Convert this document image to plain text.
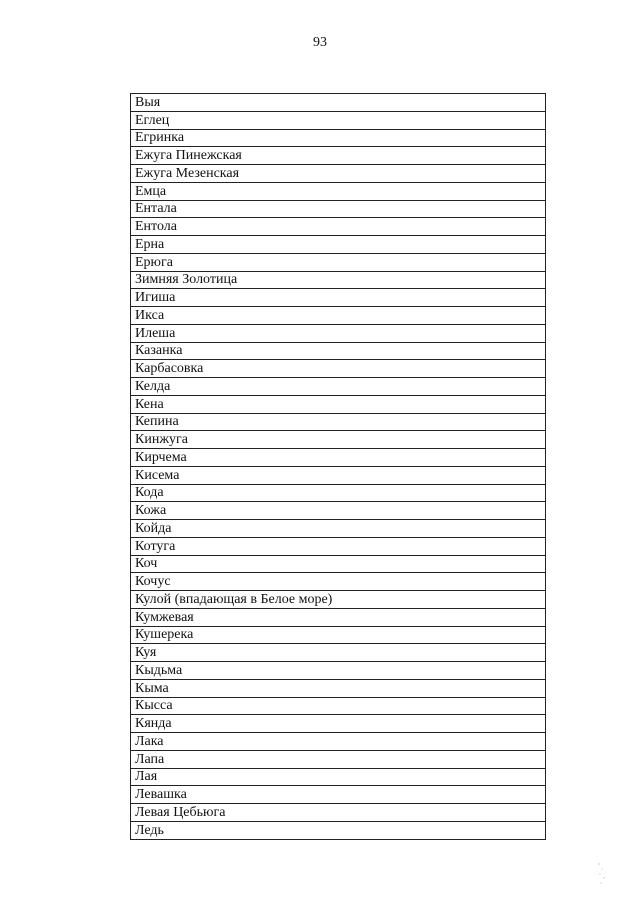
93
Выя
Еглец
Егринка
Ежуга Пинежская
Ежуга Мезенская
Емца
Ентала
Ентола
Ерна
Ерюга
Зимняя Золотица
Игиша
Икса
Илеша
Казанка
Карбасовка
Келда
Кена
Кепина
Кинжуга
Кирчема
Кисема
Кода
Кожа
Койда
Котуга
Коч
Кочус
Кулой (впадающая в Белое море)
Кумжевая
Кушерека
Куя
Кыдьма
Кыма
Кысса
Кянда
Лака
Лапа
Лая
Левашка
Левая Цебьюга
Ледь
